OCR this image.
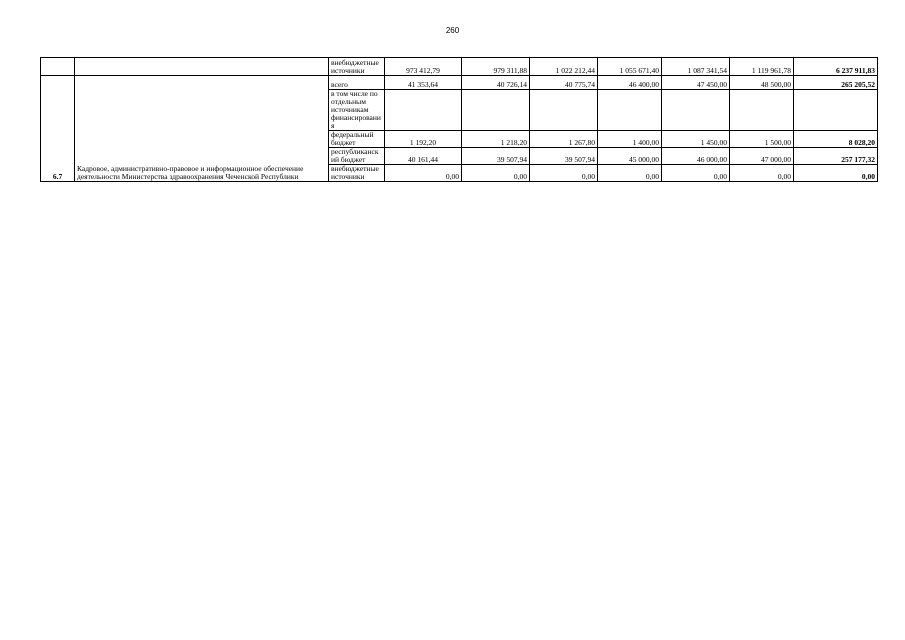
260
		внебюджетные источники	973 412,79	979 311,88	1 022 212,44	1 055 671,40	1 087 341,54	1 119 961,78	6 237 911,83
6.7	Кадровое, административно-правовое и информационное обеспечение деятельности Министерства здравоохранения Чеченской Республики	всего	41 353,64	40 726,14	40 775,74	46 400,00	47 450,00	48 500,00	265 205,52
		в том числе по отдельным источникам финансирования							
		федеральный бюджет	1 192,20	1 218,20	1 267,80	1 400,00	1 450,00	1 500,00	8 028,20
		республиканский бюджет	40 161,44	39 507,94	39 507,94	45 000,00	46 000,00	47 000,00	257 177,32
		внебюджетные источники	0,00	0,00	0,00	0,00	0,00	0,00	0,00
